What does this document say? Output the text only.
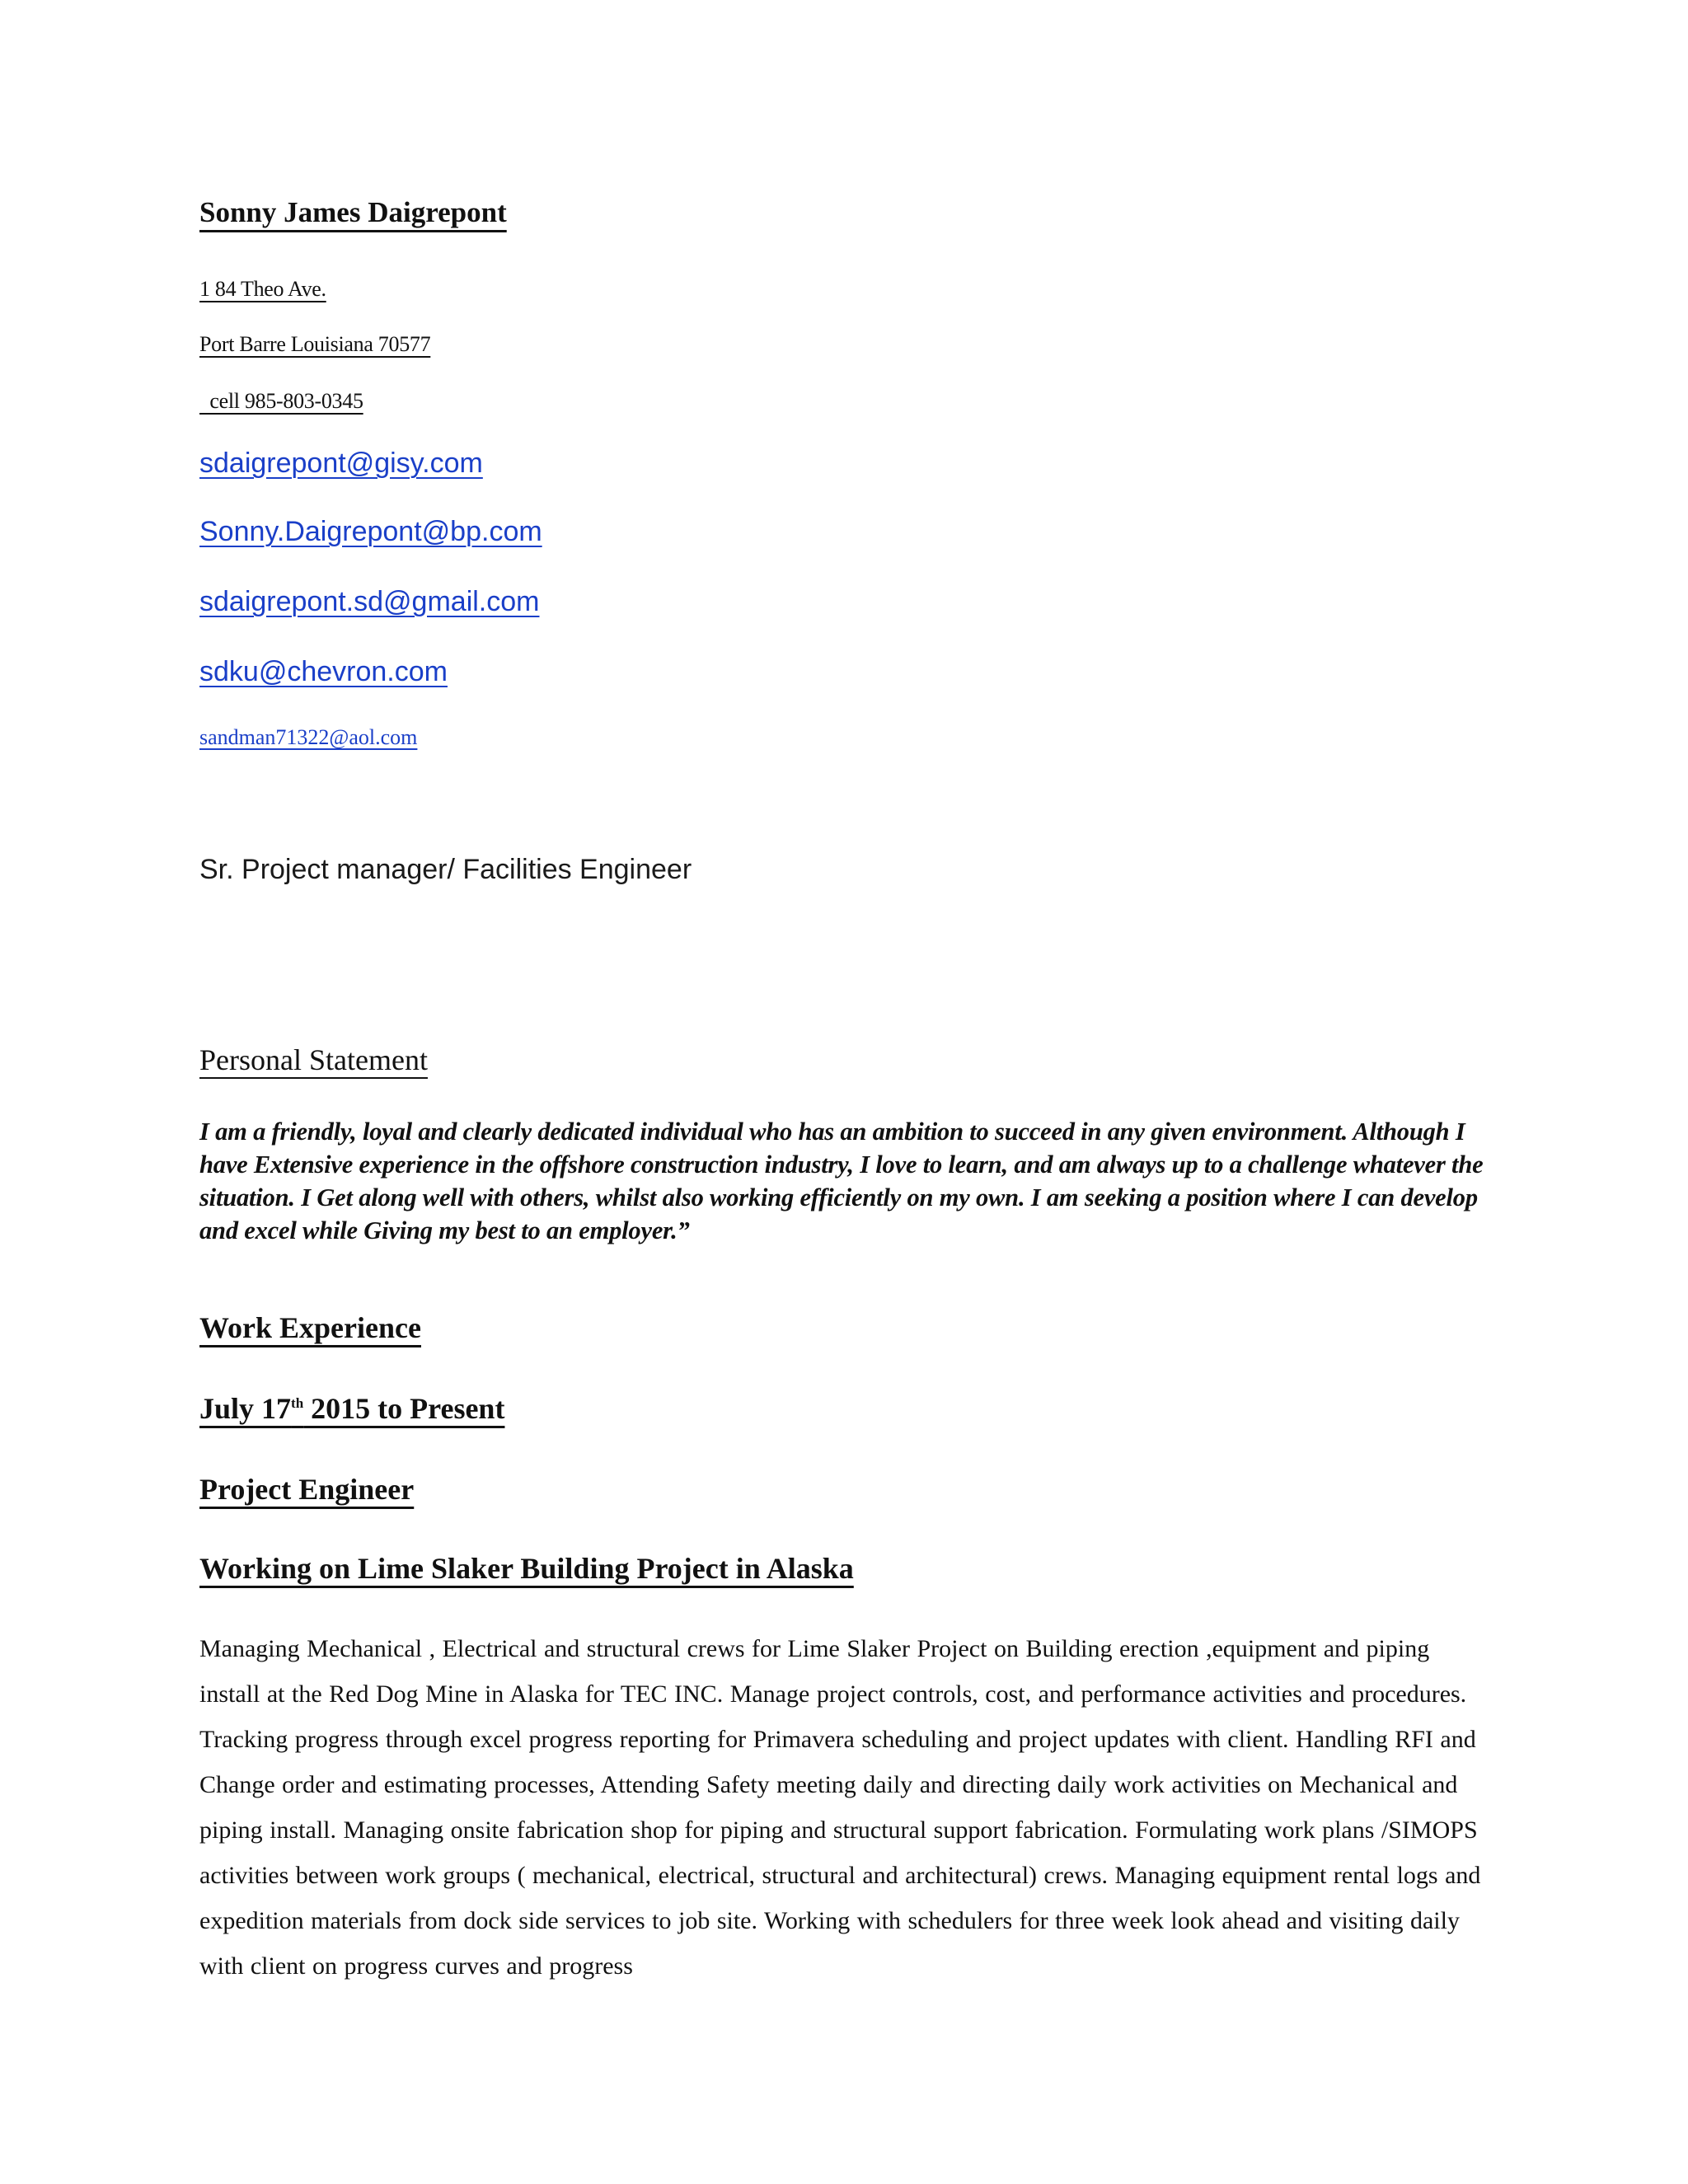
Sonny James Daigrepont

1 84 Theo Ave.

Port Barre Louisiana 70577

cell 985-803-0345

sdaigrepont@gisy.com
Sonny.Daigrepont@bp.com
sdaigrepont.sd@gmail.com
sdku@chevron.com
sandman71322@aol.com

Sr. Project manager/ Facilities Engineer

Personal Statement

I am a friendly, loyal and clearly dedicated individual who has an ambition to succeed in any given environment. Although I have Extensive experience in the offshore construction industry, I love to learn, and am always up to a challenge whatever the situation. I Get along well with others, whilst also working efficiently on my own. I am seeking a position where I can develop and excel while Giving my best to an employer.”

Work Experience

July 17th 2015 to Present

Project Engineer

Working on Lime Slaker Building Project in Alaska

Managing Mechanical , Electrical and structural crews for Lime Slaker Project on Building erection ,equipment and piping install at the Red Dog Mine in Alaska for TEC INC. Manage project controls, cost, and performance activities and procedures. Tracking progress through excel progress reporting for Primavera scheduling and project updates with client. Handling RFI and Change order and estimating processes, Attending Safety meeting daily and directing daily work activities on Mechanical and piping install. Managing onsite fabrication shop for piping and structural support fabrication. Formulating work plans /SIMOPS activities between work groups ( mechanical, electrical, structural and architectural) crews. Managing equipment rental logs and expedition materials from dock side services to job site. Working with schedulers for three week look ahead and visiting daily with client on progress curves and progress
